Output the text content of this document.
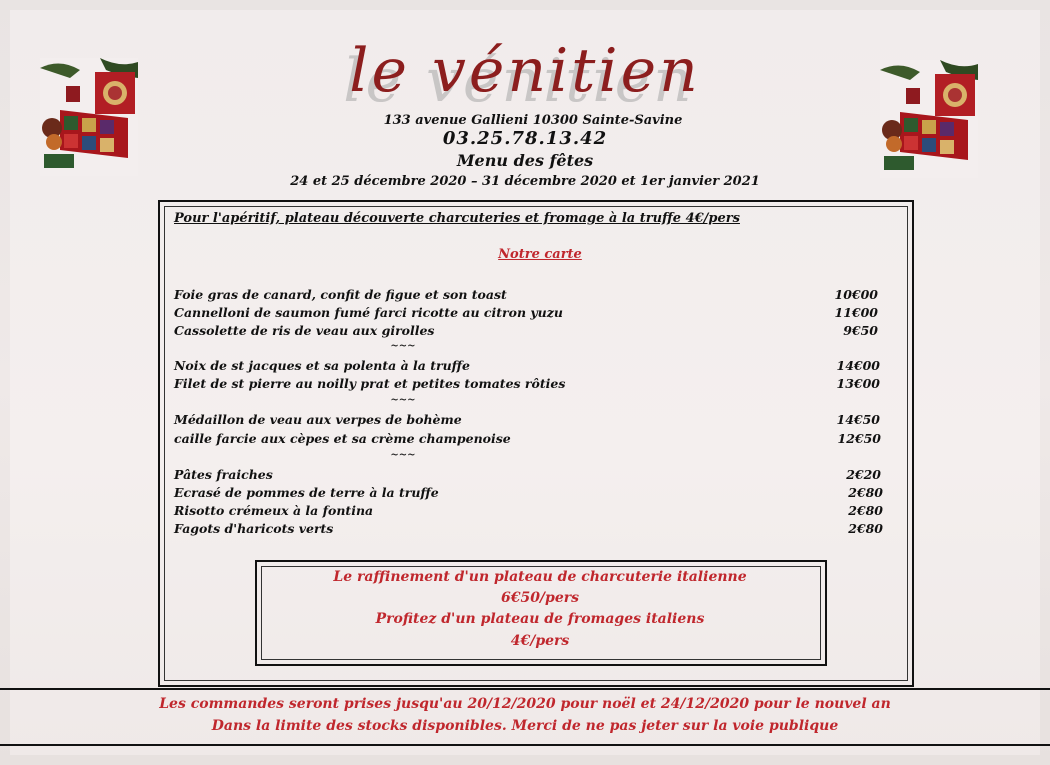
le vénitien
133 avenue Gallieni 10300 Sainte-Savine
03.25.78.13.42
Menu des fêtes
24 et 25 décembre 2020 – 31 décembre 2020 et 1er janvier 2021
Pour l'apéritif, plateau découverte charcuteries et fromage à la truffe 4€/pers
Notre carte
Foie gras de canard, confit de figue et son toast	10€00
Cannelloni de saumon fumé farci ricotte au citron yuzu	11€00
Cassolette de ris de veau aux girolles	9€50
~~~
Noix de st jacques et sa polenta à la truffe	14€00
Filet de st pierre au noilly prat et petites tomates rôties	13€00
~~~
Médaillon de veau aux verpes de bohème	14€50
caille farcie aux cèpes et sa crème champenoise	12€50
~~~
Pâtes fraiches	2€20
Ecrasé de pommes de terre à la truffe	2€80
Risotto crémeux à la fontina	2€80
Fagots d'haricots verts	2€80
Le raffinement d'un plateau de charcuterie italienne
6€50/pers
Profitez d'un plateau de fromages italiens
4€/pers
Les commandes seront prises jusqu'au 20/12/2020 pour noël et 24/12/2020 pour le nouvel an
Dans la limite des stocks disponibles. Merci de ne pas jeter sur la voie publique
